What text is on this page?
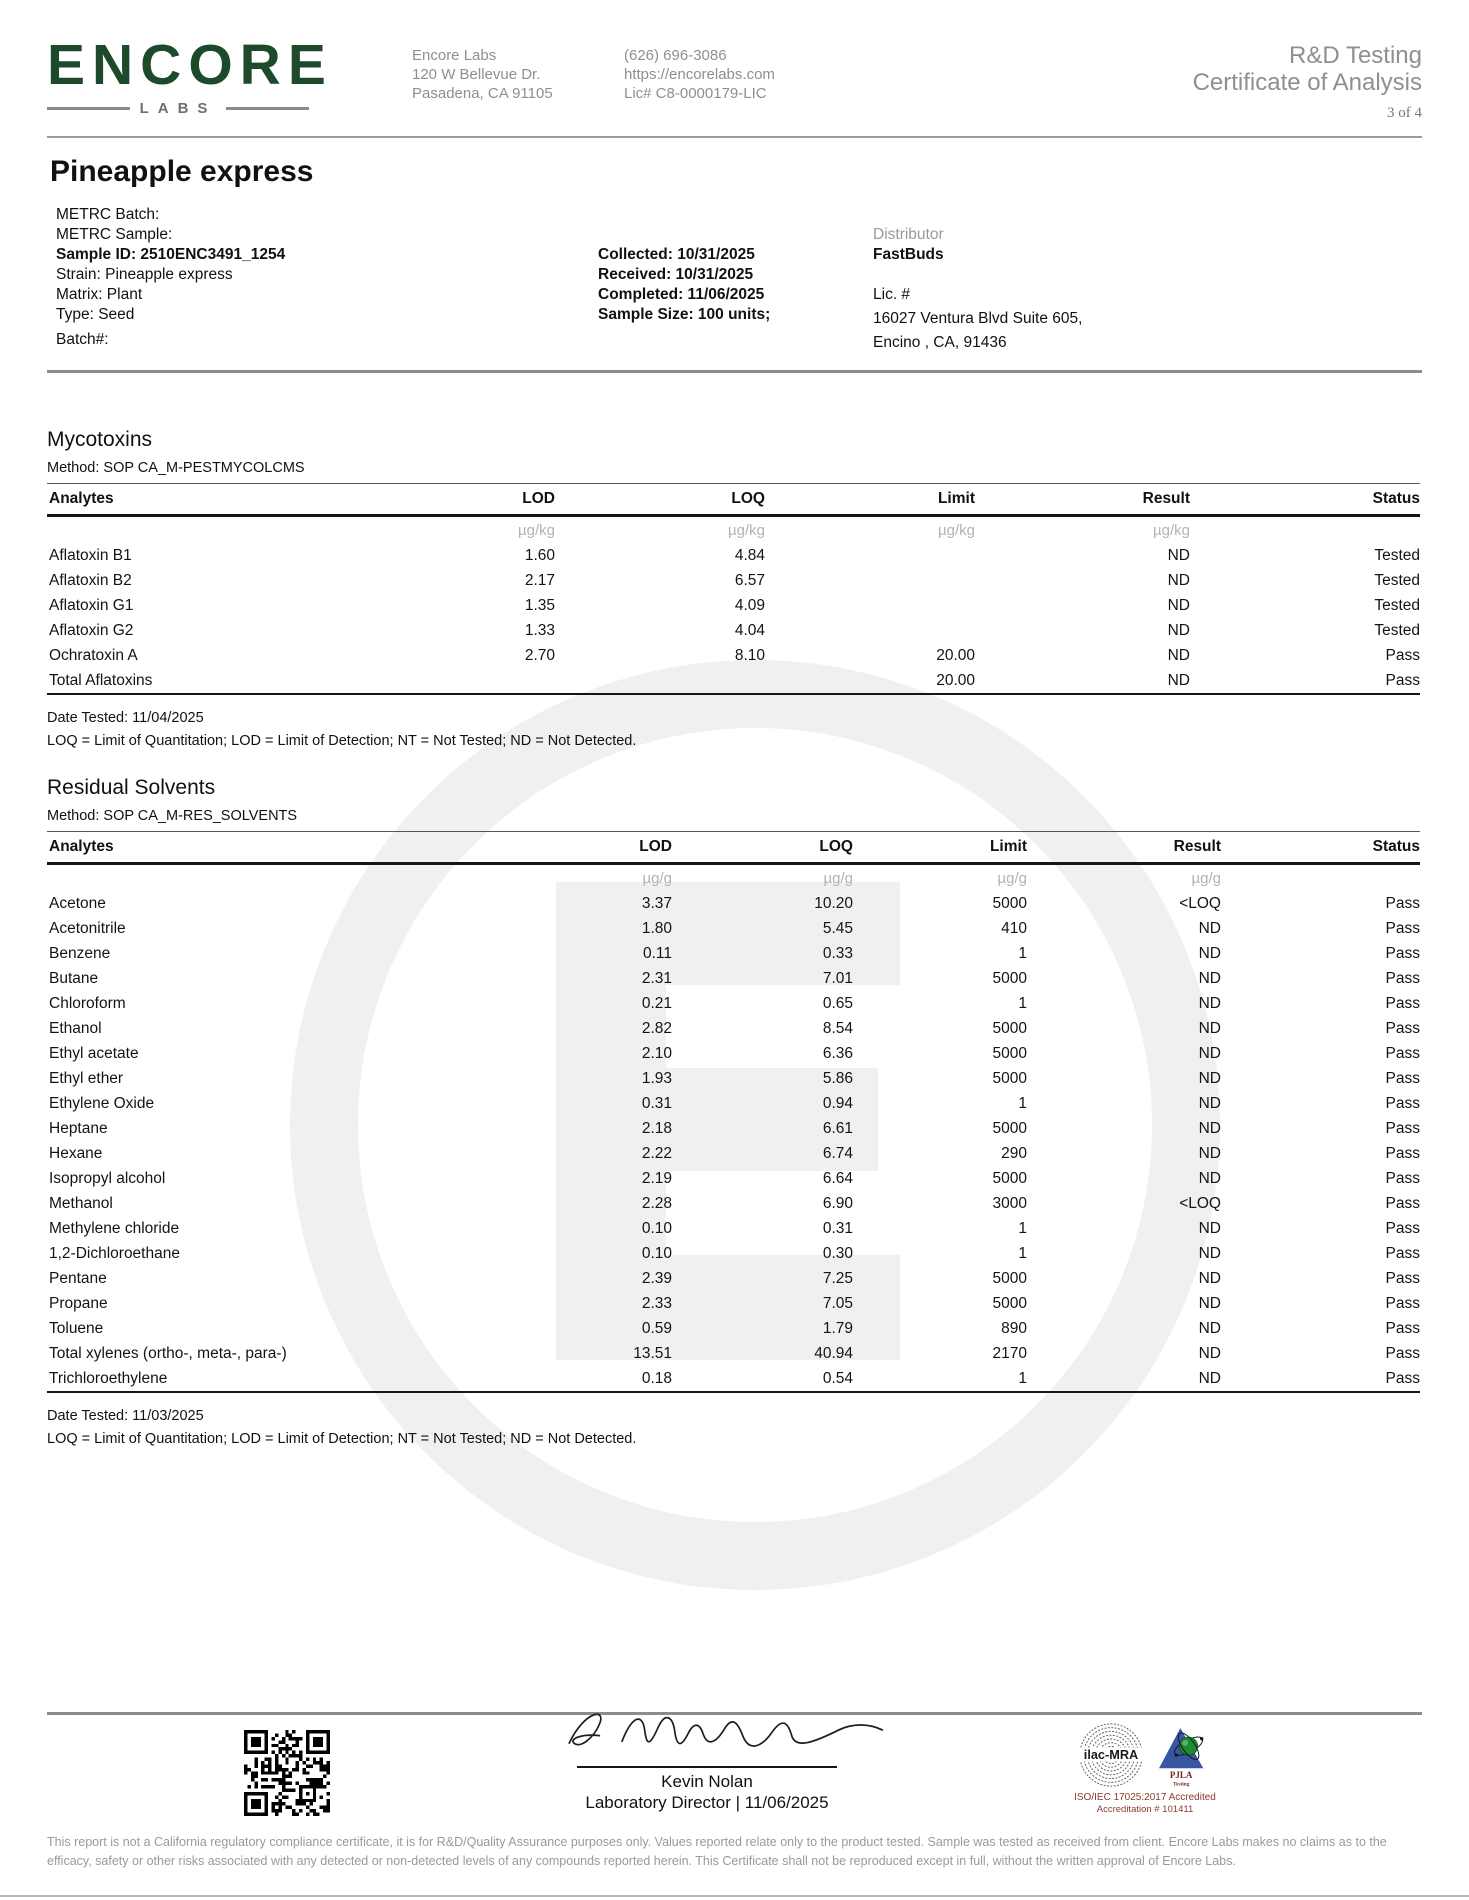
ENCORE
LABS
Encore Labs
120 W Bellevue Dr.
Pasadena, CA 91105
(626) 696-3086
https://encorelabs.com
Lic# C8-0000179-LIC
R&D Testing
Certificate of Analysis
3 of 4
Pineapple express
METRC Batch:
METRC Sample:
Sample ID: 2510ENC3491_1254
Strain: Pineapple express
Matrix: Plant
Type: Seed
Batch#:
Collected: 10/31/2025
Received: 10/31/2025
Completed: 11/06/2025
Sample Size: 100 units;
Distributor
FastBuds
Lic. #
16027 Ventura Blvd Suite 605,
Encino , CA, 91436
Mycotoxins
Method: SOP CA_M-PESTMYCOLCMS
Analytes	LOD	LOQ	Limit	Result	Status
	µg/kg	µg/kg	µg/kg	µg/kg	
Aflatoxin B1	1.60	4.84		ND	Tested
Aflatoxin B2	2.17	6.57		ND	Tested
Aflatoxin G1	1.35	4.09		ND	Tested
Aflatoxin G2	1.33	4.04		ND	Tested
Ochratoxin A	2.70	8.10	20.00	ND	Pass
Total Aflatoxins			20.00	ND	Pass
Date Tested: 11/04/2025
LOQ = Limit of Quantitation; LOD = Limit of Detection; NT = Not Tested; ND = Not Detected.
Residual Solvents
Method: SOP CA_M-RES_SOLVENTS
Analytes	LOD	LOQ	Limit	Result	Status
	µg/g	µg/g	µg/g	µg/g	
Acetone	3.37	10.20	5000	<LOQ	Pass
Acetonitrile	1.80	5.45	410	ND	Pass
Benzene	0.11	0.33	1	ND	Pass
Butane	2.31	7.01	5000	ND	Pass
Chloroform	0.21	0.65	1	ND	Pass
Ethanol	2.82	8.54	5000	ND	Pass
Ethyl acetate	2.10	6.36	5000	ND	Pass
Ethyl ether	1.93	5.86	5000	ND	Pass
Ethylene Oxide	0.31	0.94	1	ND	Pass
Heptane	2.18	6.61	5000	ND	Pass
Hexane	2.22	6.74	290	ND	Pass
Isopropyl alcohol	2.19	6.64	5000	ND	Pass
Methanol	2.28	6.90	3000	<LOQ	Pass
Methylene chloride	0.10	0.31	1	ND	Pass
1,2-Dichloroethane	0.10	0.30	1	ND	Pass
Pentane	2.39	7.25	5000	ND	Pass
Propane	2.33	7.05	5000	ND	Pass
Toluene	0.59	1.79	890	ND	Pass
Total xylenes (ortho-, meta-, para-)	13.51	40.94	2170	ND	Pass
Trichloroethylene	0.18	0.54	1	ND	Pass
Date Tested: 11/03/2025
LOQ = Limit of Quantitation; LOD = Limit of Detection; NT = Not Tested; ND = Not Detected.
Kevin Nolan
Laboratory Director | 11/06/2025
ilac-MRA
PJLA
Testing
ISO/IEC 17025:2017 Accredited
Accreditation # 101411
This report is not a California regulatory compliance certificate, it is for R&D/Quality Assurance purposes only. Values reported relate only to the product tested. Sample was tested as received from client. Encore Labs makes no claims as to the efficacy, safety or other risks associated with any detected or non-detected levels of any compounds reported herein. This Certificate shall not be reproduced except in full, without the written approval of Encore Labs.
